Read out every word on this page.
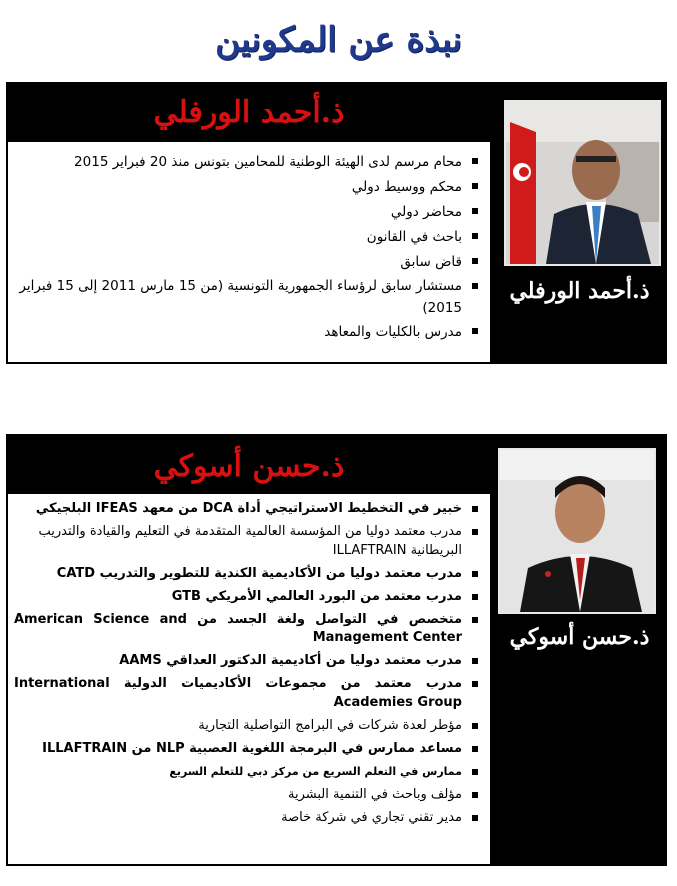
نبذة عن المكونين
ذ.أحمد الورفلي
محام مرسم لدى الهيئة الوطنية للمحامين بتونس منذ 20 فبراير 2015
محكم ووسيط دولي
محاضر دولي
باحث في القانون
قاض سابق
مستشار سابق لرؤساء الجمهورية التونسية (من 15 مارس 2011 إلى 15 فبراير 2015)
مدرس بالكليات والمعاهد
ذ.أحمد الورفلي
ذ.حسن أسوكي
خبير في التخطيط الاستراتيجي أداة DCA من معهد IFEAS البلجيكي
مدرب معتمد دوليا من المؤسسة العالمية المتقدمة في التعليم والقيادة والتدريب البريطانية ILLAFTRAIN
مدرب معتمد دوليا من الأكاديمية الكندية للتطوير والتدريب CATD
مدرب معتمد من البورد العالمي الأمريكي GTB
متخصص في التواصل ولغة الجسد من American Science and Management Center
مدرب معتمد دوليا من أكاديمية الدكتور العداقي AAMS
مدرب معتمد من مجموعات الأكاديميات الدولية International Academies Group
مؤطر لعدة شركات في البرامج التواصلية التجارية
مساعد ممارس في البرمجة اللغوية العصبية NLP من ILLAFTRAIN
ممارس في التعلم السريع من مركز دبي للتعلم السريع
مؤلف وباحث في التنمية البشرية
مدير تقني تجاري في شركة خاصة
ذ.حسن أسوكي
